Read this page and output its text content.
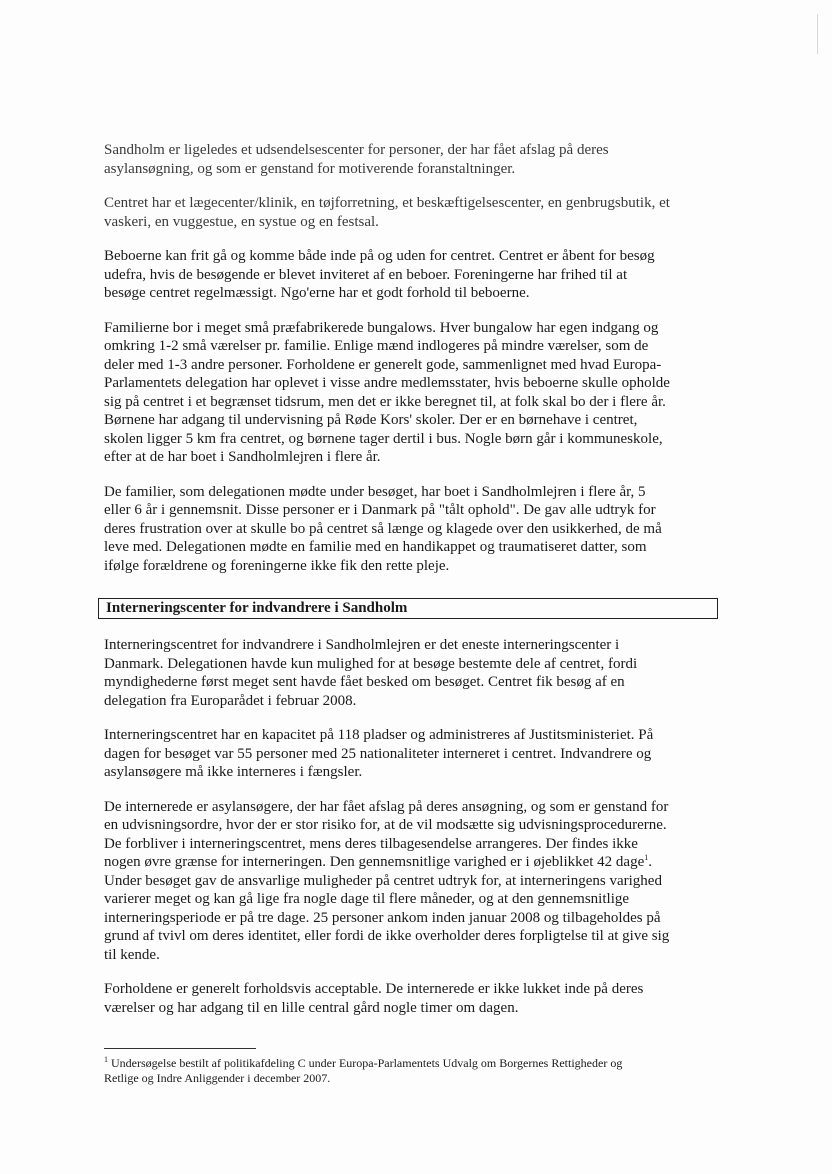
Sandholm er ligeledes et udsendelsescenter for personer, der har fået afslag på deres
asylansøgning, og som er genstand for motiverende foranstaltninger.

Centret har et lægecenter/klinik, en tøjforretning, et beskæftigelsescenter, en genbrugsbutik, et
vaskeri, en vuggestue, en systue og en festsal.

Beboerne kan frit gå og komme både inde på og uden for centret. Centret er åbent for besøg
udefra, hvis de besøgende er blevet inviteret af en beboer. Foreningerne har frihed til at
besøge centret regelmæssigt. Ngo'erne har et godt forhold til beboerne.

Familierne bor i meget små præfabrikerede bungalows. Hver bungalow har egen indgang og
omkring 1-2 små værelser pr. familie. Enlige mænd indlogeres på mindre værelser, som de
deler med 1-3 andre personer. Forholdene er generelt gode, sammenlignet med hvad Europa-
Parlamentets delegation har oplevet i visse andre medlemsstater, hvis beboerne skulle opholde
sig på centret i et begrænset tidsrum, men det er ikke beregnet til, at folk skal bo der i flere år.
Børnene har adgang til undervisning på Røde Kors' skoler. Der er en børnehave i centret,
skolen ligger 5 km fra centret, og børnene tager dertil i bus. Nogle børn går i kommuneskole,
efter at de har boet i Sandholmlejren i flere år.

De familier, som delegationen mødte under besøget, har boet i Sandholmlejren i flere år, 5
eller 6 år i gennemsnit. Disse personer er i Danmark på "tålt ophold". De gav alle udtryk for
deres frustration over at skulle bo på centret så længe og klagede over den usikkerhed, de må
leve med. Delegationen mødte en familie med en handikappet og traumatiseret datter, som
ifølge forældrene og foreningerne ikke fik den rette pleje.

Interneringscenter for indvandrere i Sandholm

Interneringscentret for indvandrere i Sandholmlejren er det eneste interneringscenter i
Danmark. Delegationen havde kun mulighed for at besøge bestemte dele af centret, fordi
myndighederne først meget sent havde fået besked om besøget. Centret fik besøg af en
delegation fra Europarådet i februar 2008.

Interneringscentret har en kapacitet på 118 pladser og administreres af Justitsministeriet. På
dagen for besøget var 55 personer med 25 nationaliteter interneret i centret. Indvandrere og
asylansøgere må ikke interneres i fængsler.

De internerede er asylansøgere, der har fået afslag på deres ansøgning, og som er genstand for
en udvisningsordre, hvor der er stor risiko for, at de vil modsætte sig udvisningsprocedurerne.
De forbliver i interneringscentret, mens deres tilbagesendelse arrangeres. Der findes ikke
nogen øvre grænse for interneringen. Den gennemsnitlige varighed er i øjeblikket 42 dage$^1$.
Under besøget gav de ansvarlige muligheder på centret udtryk for, at interneringens varighed
varierer meget og kan gå lige fra nogle dage til flere måneder, og at den gennemsnitlige
interneringsperiode er på tre dage. 25 personer ankom inden januar 2008 og tilbageholdes på
grund af tvivl om deres identitet, eller fordi de ikke overholder deres forpligtelse til at give sig
til kende.

Forholdene er generelt forholdsvis acceptable. De internerede er ikke lukket inde på deres
værelser og har adgang til en lille central gård nogle timer om dagen.

$^1$ Undersøgelse bestilt af politikafdeling C under Europa-Parlamentets Udvalg om Borgernes Rettigheder og
Retlige og Indre Anliggender i december 2007.
